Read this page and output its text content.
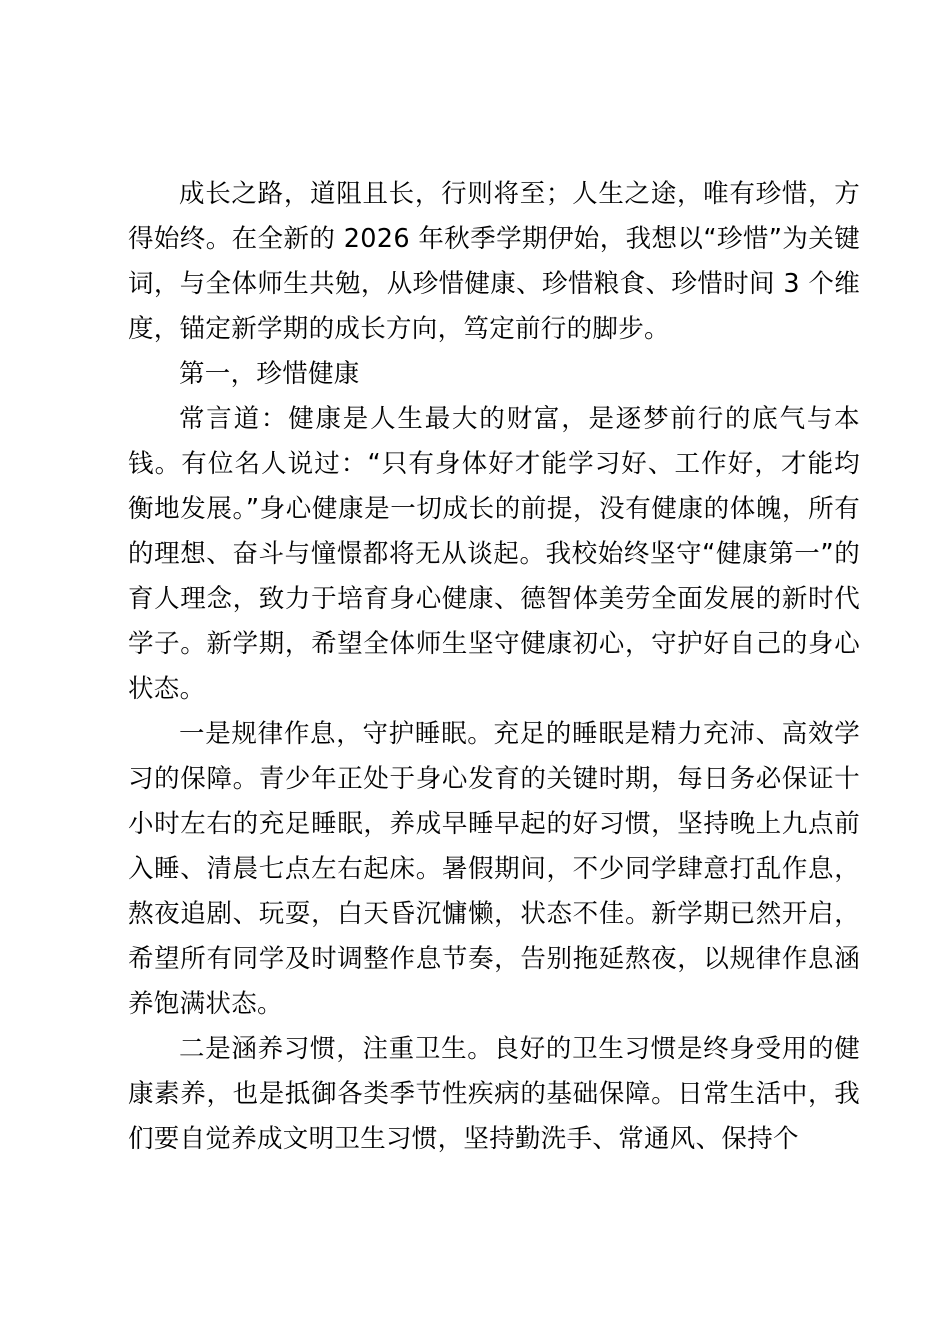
成长之路，道阻且长，行则将至；人生之途，唯有珍惜，方得始终。在全新的 2026 年秋季学期伊始，我想以“珍惜”为关键词，与全体师生共勉，从珍惜健康、珍惜粮食、珍惜时间 3 个维度，锚定新学期的成长方向，笃定前行的脚步。

第一，珍惜健康

常言道：健康是人生最大的财富，是逐梦前行的底气与本钱。有位名人说过：“只有身体好才能学习好、工作好，才能均衡地发展。”身心健康是一切成长的前提，没有健康的体魄，所有的理想、奋斗与憧憬都将无从谈起。我校始终坚守“健康第一”的育人理念，致力于培育身心健康、德智体美劳全面发展的新时代学子。新学期，希望全体师生坚守健康初心，守护好自己的身心状态。

一是规律作息，守护睡眠。充足的睡眠是精力充沛、高效学习的保障。青少年正处于身心发育的关键时期，每日务必保证十小时左右的充足睡眠，养成早睡早起的好习惯，坚持晚上九点前入睡、清晨七点左右起床。暑假期间，不少同学肆意打乱作息，熬夜追剧、玩耍，白天昏沉慵懒，状态不佳。新学期已然开启，希望所有同学及时调整作息节奏，告别拖延熬夜，以规律作息涵养饱满状态。

二是涵养习惯，注重卫生。良好的卫生习惯是终身受用的健康素养，也是抵御各类季节性疾病的基础保障。日常生活中，我们要自觉养成文明卫生习惯，坚持勤洗手、常通风、保持个
